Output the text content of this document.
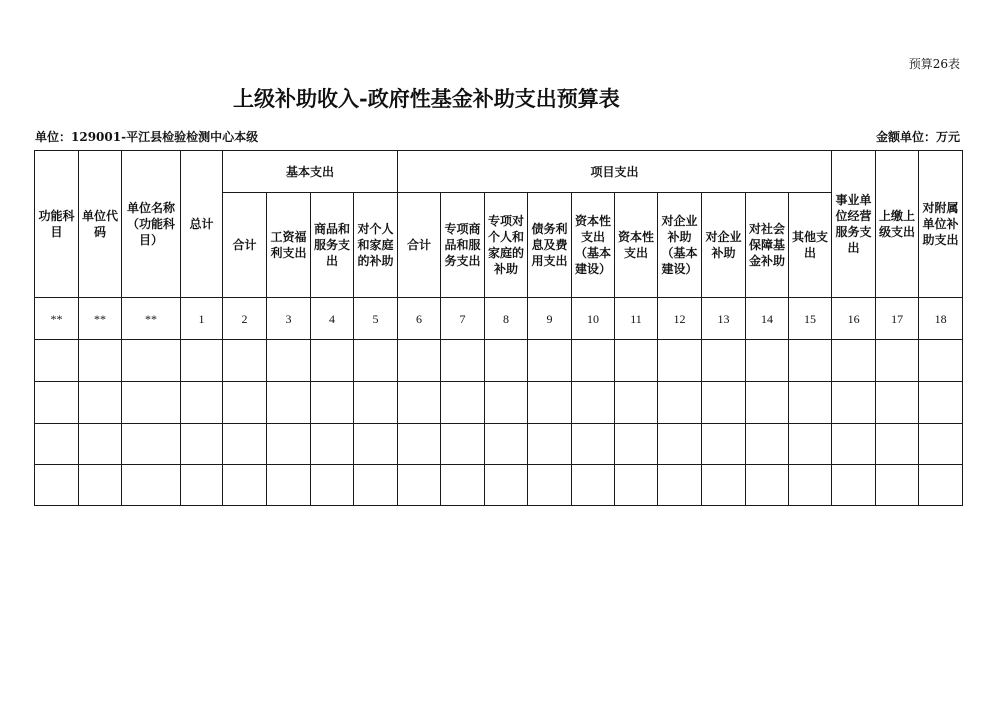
预算26表
上级补助收入-政府性基金补助支出预算表
单位：129001-平江县检验检测中心本级	金额单位：万元
功能科目	单位代码	单位名称（功能科目）	总计	基本支出				项目支出										事业单位经营服务支出	上缴上级支出	对附属单位补助支出
				合计	工资福利支出	商品和服务支出	对个人和家庭的补助	合计	专项商品和服务支出	专项对个人和家庭的补助	债务利息及费用支出	资本性支出（基本建设）	资本性支出	对企业补助（基本建设）	对企业补助	对社会保障基金补助	其他支出			
**	**	**	1	2	3	4	5	6	7	8	9	10	11	12	13	14	15	16	17	18
